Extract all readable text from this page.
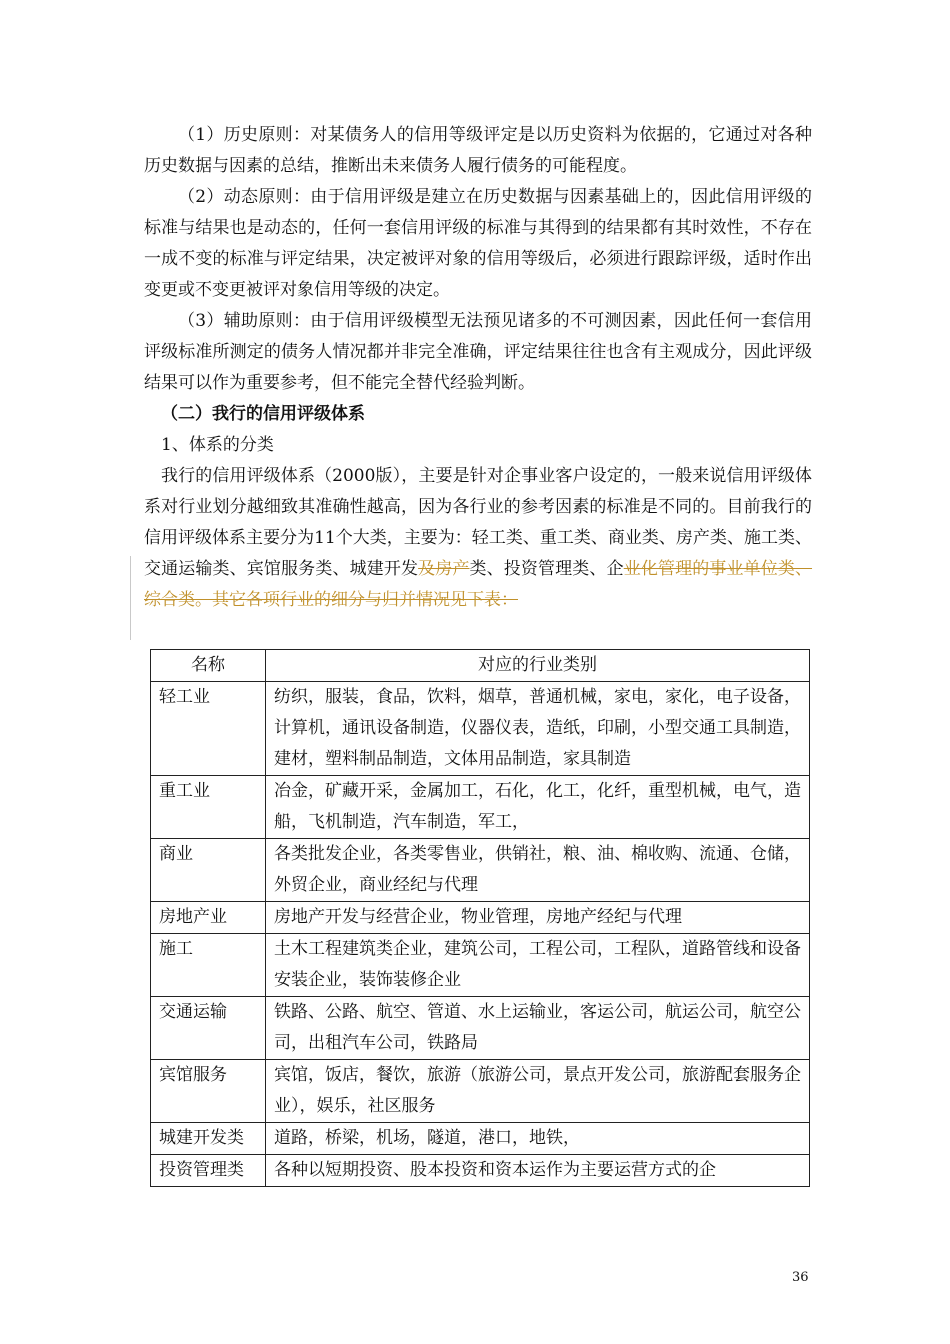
（1）历史原则：对某债务人的信用等级评定是以历史资料为依据的，它通过对各种历史数据与因素的总结，推断出未来债务人履行债务的可能程度。

（2）动态原则：由于信用评级是建立在历史数据与因素基础上的，因此信用评级的标准与结果也是动态的，任何一套信用评级的标准与其得到的结果都有其时效性，不存在一成不变的标准与评定结果，决定被评对象的信用等级后，必须进行跟踪评级，适时作出变更或不变更被评对象信用等级的决定。

（3）辅助原则：由于信用评级模型无法预见诸多的不可测因素，因此任何一套信用评级标准所测定的债务人情况都并非完全准确，评定结果往往也含有主观成分，因此评级结果可以作为重要参考，但不能完全替代经验判断。

（二）我行的信用评级体系

1、体系的分类

我行的信用评级体系（2000版），主要是针对企事业客户设定的，一般来说信用评级体系对行业划分越细致其准确性越高，因为各行业的参考因素的标准是不同的。目前我行的信用评级体系主要分为11个大类，主要为：轻工类、重工类、商业类、房产类、施工类、交通运输类、宾馆服务类、城建开发及房产类、投资管理类、企业化管理的事业单位类、综合类。其它各项行业的细分与归并情况见下表：

名称	对应的行业类别
轻工业	纺织，服装，食品，饮料，烟草，普通机械，家电，家化，电子设备，计算机，通讯设备制造，仪器仪表，造纸，印刷，小型交通工具制造，建材，塑料制品制造，文体用品制造，家具制造
重工业	冶金，矿藏开采，金属加工，石化，化工，化纤，重型机械，电气，造船，飞机制造，汽车制造，军工，
商业	各类批发企业，各类零售业，供销社，粮、油、棉收购、流通、仓储， 外贸企业，商业经纪与代理
房地产业	房地产开发与经营企业，物业管理，房地产经纪与代理
施工	土木工程建筑类企业，建筑公司，工程公司，工程队，道路管线和设备安装企业，装饰装修企业
交通运输	铁路、公路、航空、管道、水上运输业，客运公司，航运公司，航空公司，出租汽车公司，铁路局
宾馆服务	宾馆，饭店，餐饮，旅游（旅游公司，景点开发公司，旅游配套服务企业），娱乐，社区服务
城建开发类	道路，桥梁，机场，隧道，港口，地铁，
投资管理类	各种以短期投资、股本投资和资本运作为主要运营方式的企
36
